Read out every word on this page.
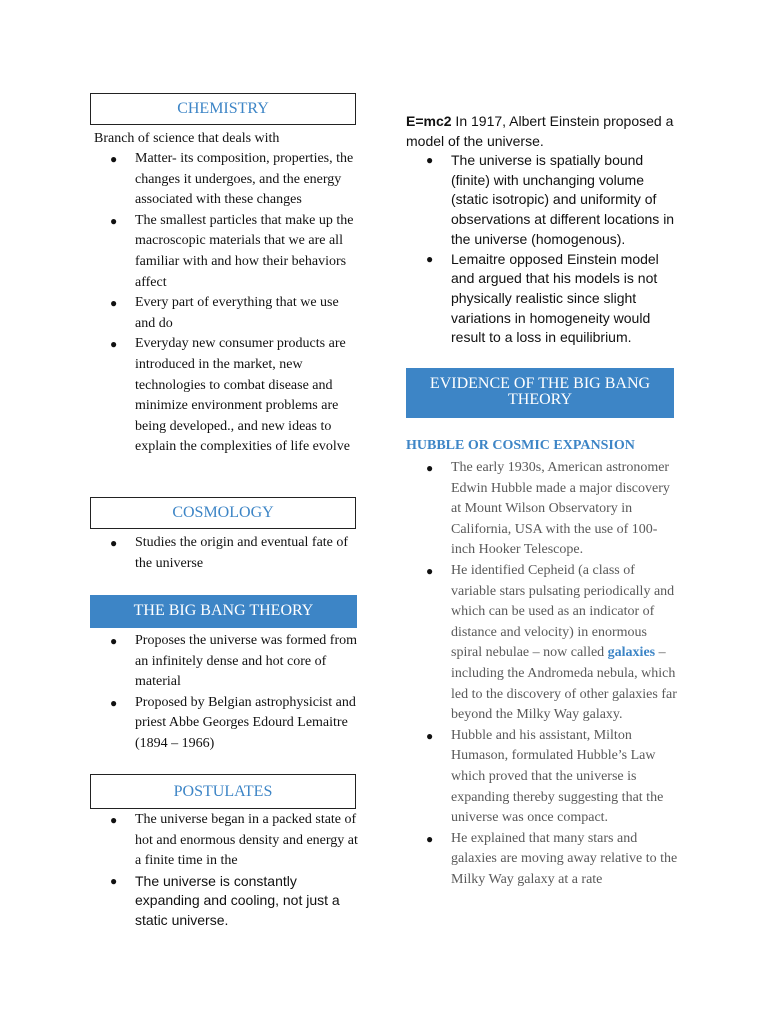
CHEMISTRY
Branch of science that deals with
● Matter- its composition, properties, the changes it undergoes, and the energy associated with these changes
● The smallest particles that make up the macroscopic materials that we are all familiar with and how their behaviors affect
● Every part of everything that we use and do
● Everyday new consumer products are introduced in the market, new technologies to combat disease and minimize environment problems are being developed., and new ideas to explain the complexities of life evolve
COSMOLOGY
● Studies the origin and eventual fate of the universe
THE BIG BANG THEORY
● Proposes the universe was formed from an infinitely dense and hot core of material
● Proposed by Belgian astrophysicist and priest Abbe Georges Edourd Lemaitre (1894 – 1966)
POSTULATES
● The universe began in a packed state of hot and enormous density and energy at a finite time in the
● The universe is constantly expanding and cooling, not just a static universe.
E=mc2 In 1917, Albert Einstein proposed a model of the universe.
● The universe is spatially bound (finite) with unchanging volume (static isotropic) and uniformity of observations at different locations in the universe (homogenous).
● Lemaitre opposed Einstein model and argued that his models is not physically realistic since slight variations in homogeneity would result to a loss in equilibrium.
EVIDENCE OF THE BIG BANG THEORY
HUBBLE OR COSMIC EXPANSION
● The early 1930s, American astronomer Edwin Hubble made a major discovery at Mount Wilson Observatory in California, USA with the use of 100-inch Hooker Telescope.
● He identified Cepheid (a class of variable stars pulsating periodically and which can be used as an indicator of distance and velocity) in enormous spiral nebulae – now called galaxies – including the Andromeda nebula, which led to the discovery of other galaxies far beyond the Milky Way galaxy.
● Hubble and his assistant, Milton Humason, formulated Hubble’s Law which proved that the universe is expanding thereby suggesting that the universe was once compact.
● He explained that many stars and galaxies are moving away relative to the Milky Way galaxy at a rate
